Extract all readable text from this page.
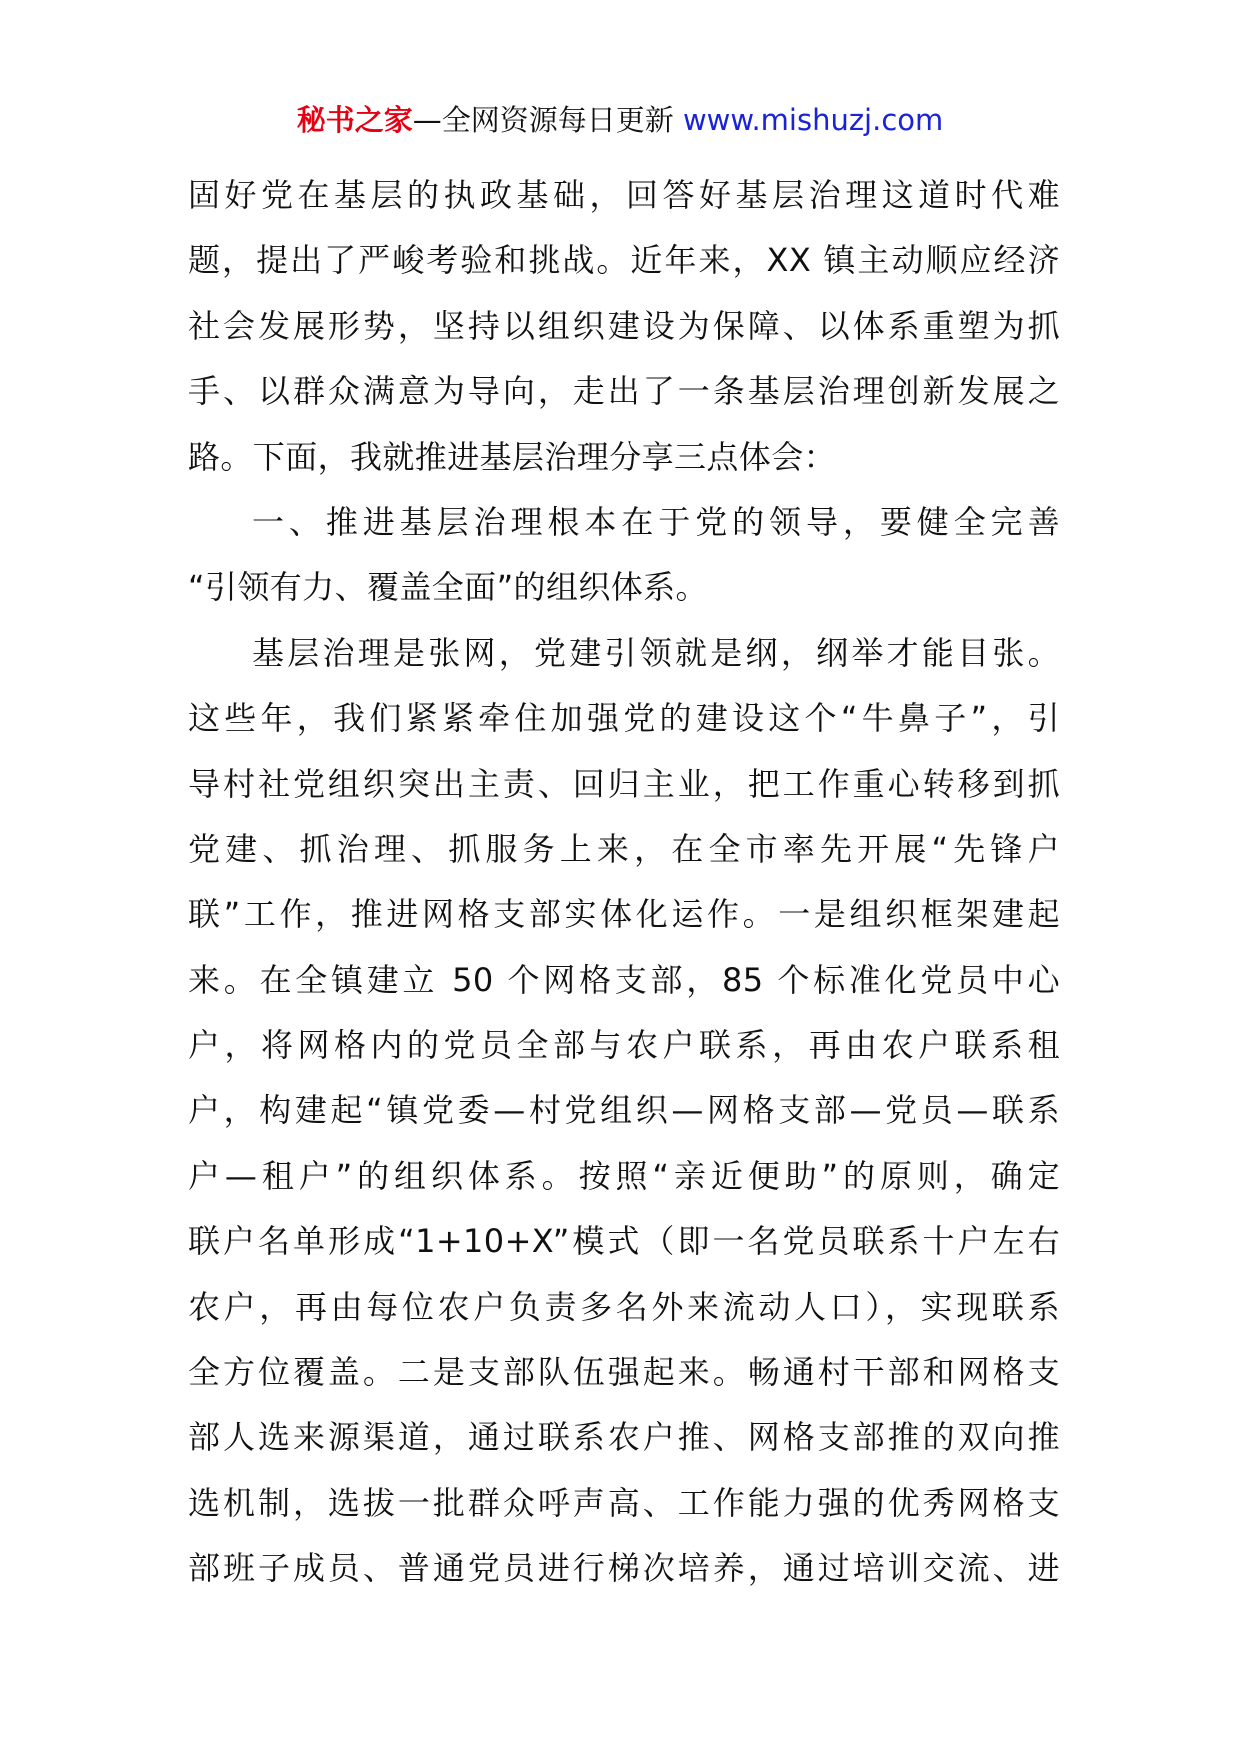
秘书之家—全网资源每日更新 www.mishuzj.com
固好党在基层的执政基础，回答好基层治理这道时代难
题，提出了严峻考验和挑战。近年来，XX 镇主动顺应经济
社会发展形势，坚持以组织建设为保障、以体系重塑为抓
手、以群众满意为导向，走出了一条基层治理创新发展之
路。下面，我就推进基层治理分享三点体会：
一、推进基层治理根本在于党的领导，要健全完善
“引领有力、覆盖全面”的组织体系。
基层治理是张网，党建引领就是纲，纲举才能目张。
这些年，我们紧紧牵住加强党的建设这个“牛鼻子”，引
导村社党组织突出主责、回归主业，把工作重心转移到抓
党建、抓治理、抓服务上来，在全市率先开展“先锋户
联”工作，推进网格支部实体化运作。一是组织框架建起
来。在全镇建立 50 个网格支部，85 个标准化党员中心
户，将网格内的党员全部与农户联系，再由农户联系租
户，构建起“镇党委—村党组织—网格支部—党员—联系
户—租户”的组织体系。按照“亲近便助”的原则，确定
联户名单形成“1+10+X”模式（即一名党员联系十户左右
农户，再由每位农户负责多名外来流动人口），实现联系
全方位覆盖。二是支部队伍强起来。畅通村干部和网格支
部人选来源渠道，通过联系农户推、网格支部推的双向推
选机制，选拔一批群众呼声高、工作能力强的优秀网格支
部班子成员、普通党员进行梯次培养，通过培训交流、进
